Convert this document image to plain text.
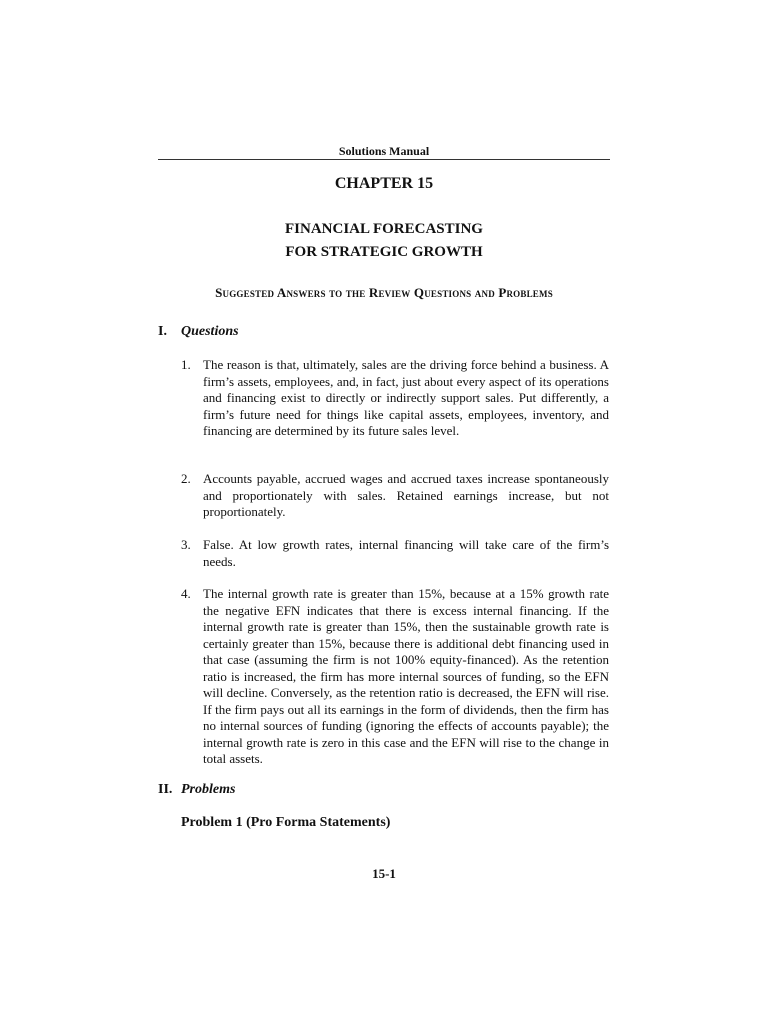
Solutions Manual
CHAPTER 15
FINANCIAL FORECASTING
FOR STRATEGIC GROWTH
Suggested Answers to the Review Questions and Problems
I. Questions
1. The reason is that, ultimately, sales are the driving force behind a business. A firm’s assets, employees, and, in fact, just about every aspect of its operations and financing exist to directly or indirectly support sales. Put differently, a firm’s future need for things like capital assets, employees, inventory, and financing are determined by its future sales level.
2. Accounts payable, accrued wages and accrued taxes increase spontaneously and proportionately with sales. Retained earnings increase, but not proportionately.
3. False. At low growth rates, internal financing will take care of the firm’s needs.
4. The internal growth rate is greater than 15%, because at a 15% growth rate the negative EFN indicates that there is excess internal financing. If the internal growth rate is greater than 15%, then the sustainable growth rate is certainly greater than 15%, because there is additional debt financing used in that case (assuming the firm is not 100% equity-financed). As the retention ratio is increased, the firm has more internal sources of funding, so the EFN will decline. Conversely, as the retention ratio is decreased, the EFN will rise. If the firm pays out all its earnings in the form of dividends, then the firm has no internal sources of funding (ignoring the effects of accounts payable); the internal growth rate is zero in this case and the EFN will rise to the change in total assets.
II. Problems
Problem 1 (Pro Forma Statements)
15-1
